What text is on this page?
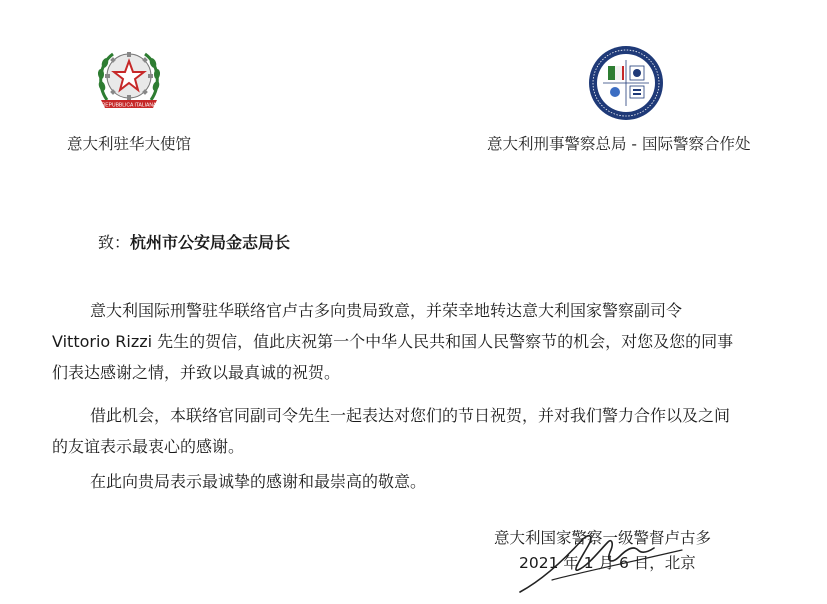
REPUBBLICA ITALIANA
意大利驻华大使馆	意大利刑事警察总局 - 国际警察合作处
致：杭州市公安局金志局长
意大利国际刑警驻华联络官卢古多向贵局致意，并荣幸地转达意大利国家警察副司令
Vittorio Rizzi 先生的贺信，值此庆祝第一个中华人民共和国人民警察节的机会，对您及您的同事
们表达感谢之情，并致以最真诚的祝贺。
借此机会，本联络官同副司令先生一起表达对您们的节日祝贺，并对我们警力合作以及之间
的友谊表示最衷心的感谢。
在此向贵局表示最诚挚的感谢和最崇高的敬意。
意大利国家警察一级警督卢古多
2021 年 1 月 6 日，北京
